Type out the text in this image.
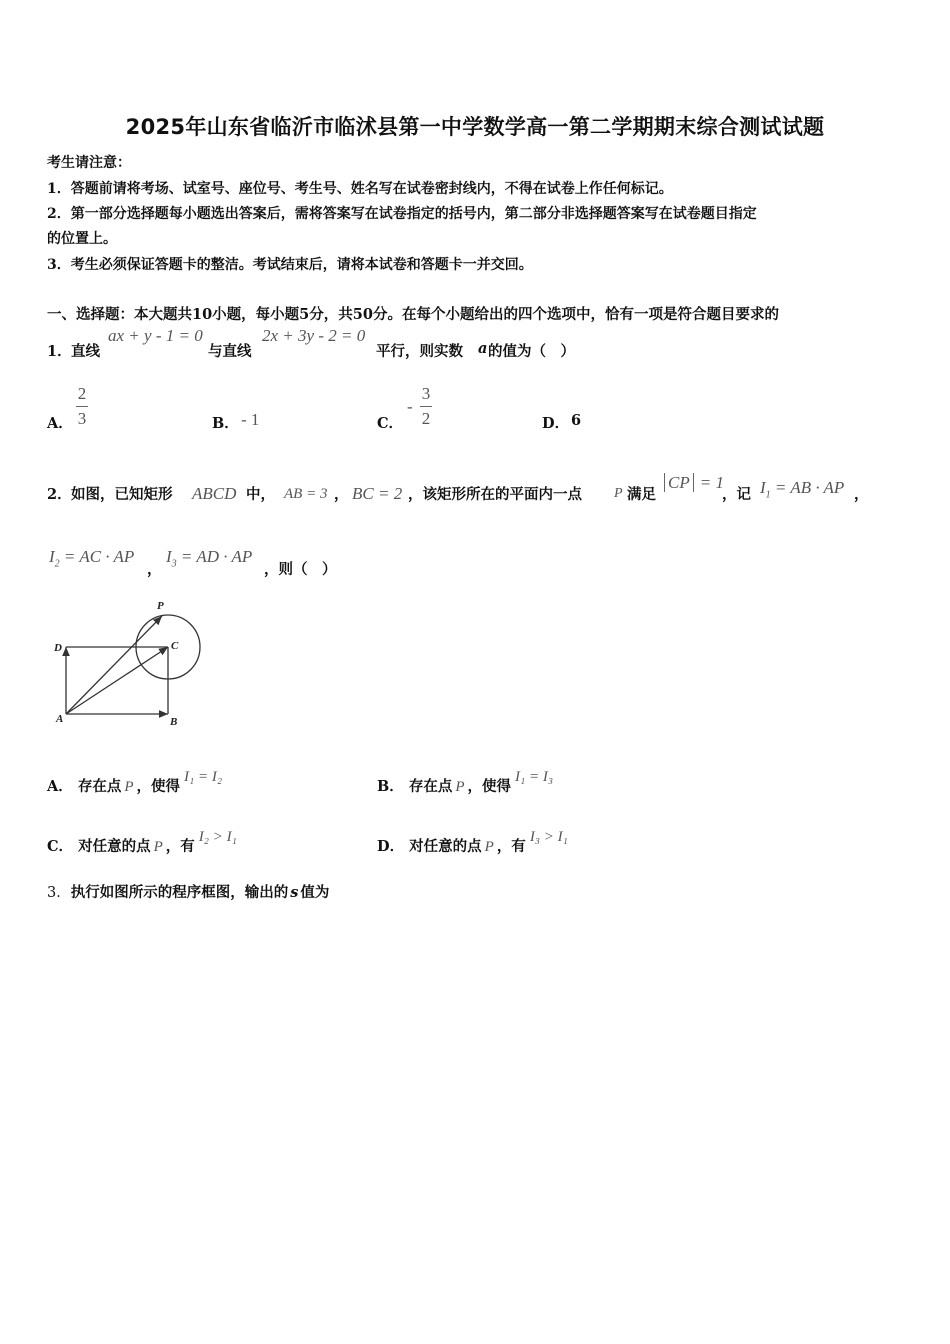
2025年山东省临沂市临沭县第一中学数学高一第二学期期末综合测试试题
考生请注意：
1．答题前请将考场、试室号、座位号、考生号、姓名写在试卷密封线内，不得在试卷上作任何标记。
2．第一部分选择题每小题选出答案后，需将答案写在试卷指定的括号内，第二部分非选择题答案写在试卷题目指定
的位置上。
3．考生必须保证答题卡的整洁。考试结束后，请将本试卷和答题卡一并交回。
一、选择题：本大题共10小题，每小题5分，共50分。在每个小题给出的四个选项中，恰有一项是符合题目要求的
1． 直线
ax + y - 1 = 0
与直线
2x + 3y - 2 = 0
平行，则实数 a 的值为（　）
A．
2
3	B． - 1	C．
-
3
2	D． 6
2． 如图，已知矩形 ABCD 中， AB = 3 ， BC = 2 ，该矩形所在的平面内一点 P 满足
CP = 1
，记 $I_1$ = AB · AP ，
$I_2$ = AC · AP
，
$I_3$ = AD · AP
，则（　）
P
C
D
A	B
A． 存在点 P ，使得I₁ = I₂
B． 存在点 P ，使得I₁ = I₃
C． 对任意的点 P ，有I₂ > I₁
D． 对任意的点 P ，有I₃ > I₁
3．执行如图所示的程序框图，输出的 s 值为
